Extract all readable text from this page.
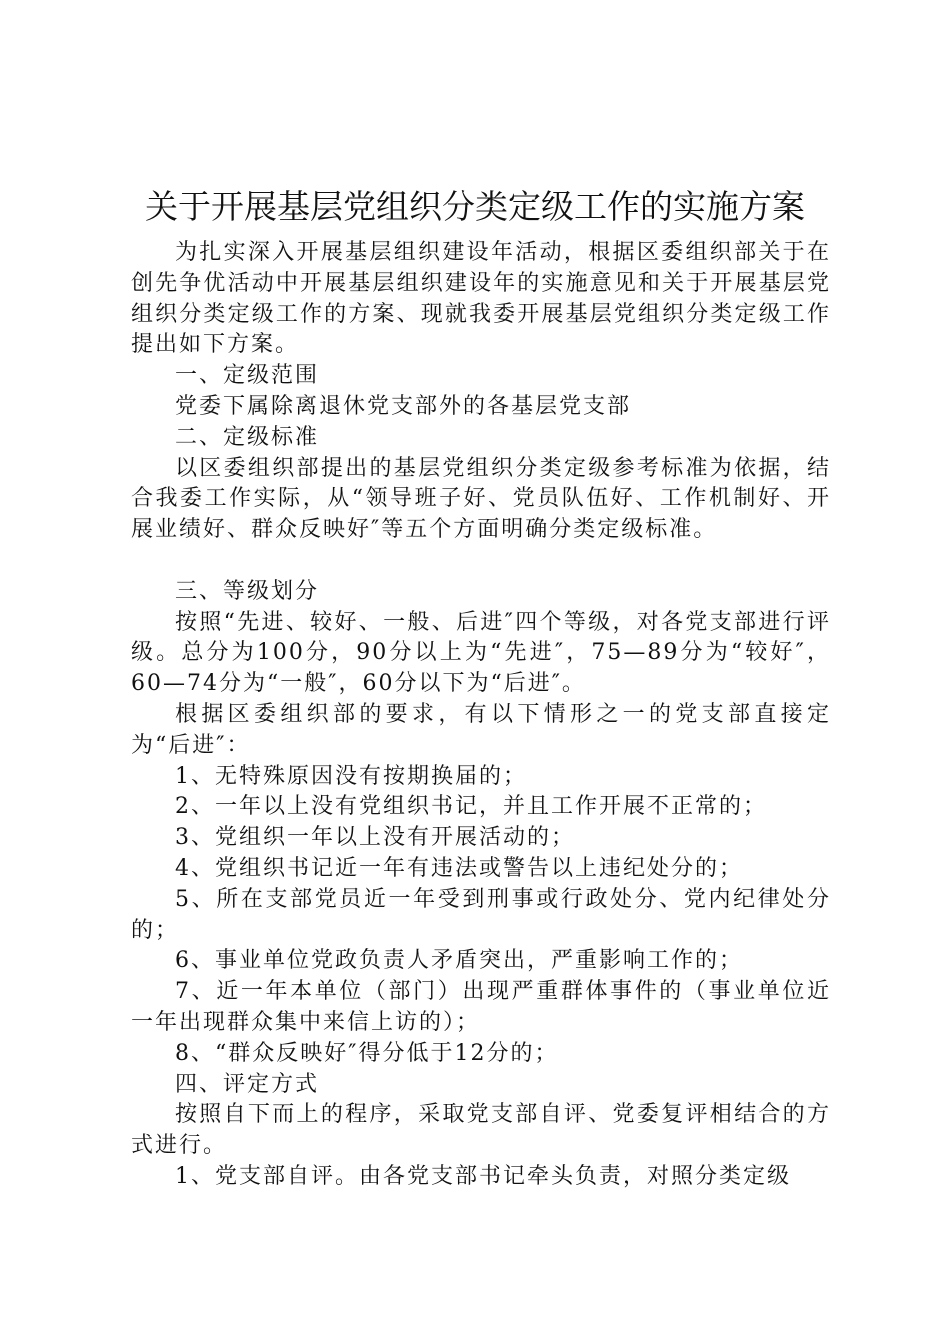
关于开展基层党组织分类定级工作的实施方案

为扎实深入开展基层组织建设年活动，根据区委组织部关于在创先争优活动中开展基层组织建设年的实施意见和关于开展基层党组织分类定级工作的方案、现就我委开展基层党组织分类定级工作提出如下方案。

一、定级范围

党委下属除离退休党支部外的各基层党支部

二、定级标准

以区委组织部提出的基层党组织分类定级参考标准为依据，结合我委工作实际，从“领导班子好、党员队伍好、工作机制好、开展业绩好、群众反映好″等五个方面明确分类定级标准。

三、等级划分

按照“先进、较好、一般、后进″四个等级，对各党支部进行评级。总分为100分，90分以上为“先进″，75—89分为“较好″，60—74分为“一般″，60分以下为“后进″。

根据区委组织部的要求，有以下情形之一的党支部直接定为“后进″：

1、无特殊原因没有按期换届的；

2、一年以上没有党组织书记，并且工作开展不正常的；

3、党组织一年以上没有开展活动的；

4、党组织书记近一年有违法或警告以上违纪处分的；

5、所在支部党员近一年受到刑事或行政处分、党内纪律处分的；

6、事业单位党政负责人矛盾突出，严重影响工作的；

7、近一年本单位（部门）出现严重群体事件的（事业单位近一年出现群众集中来信上访的）；

8、“群众反映好″得分低于12分的；

四、评定方式

按照自下而上的程序，采取党支部自评、党委复评相结合的方式进行。

1、党支部自评。由各党支部书记牵头负责，对照分类定级
